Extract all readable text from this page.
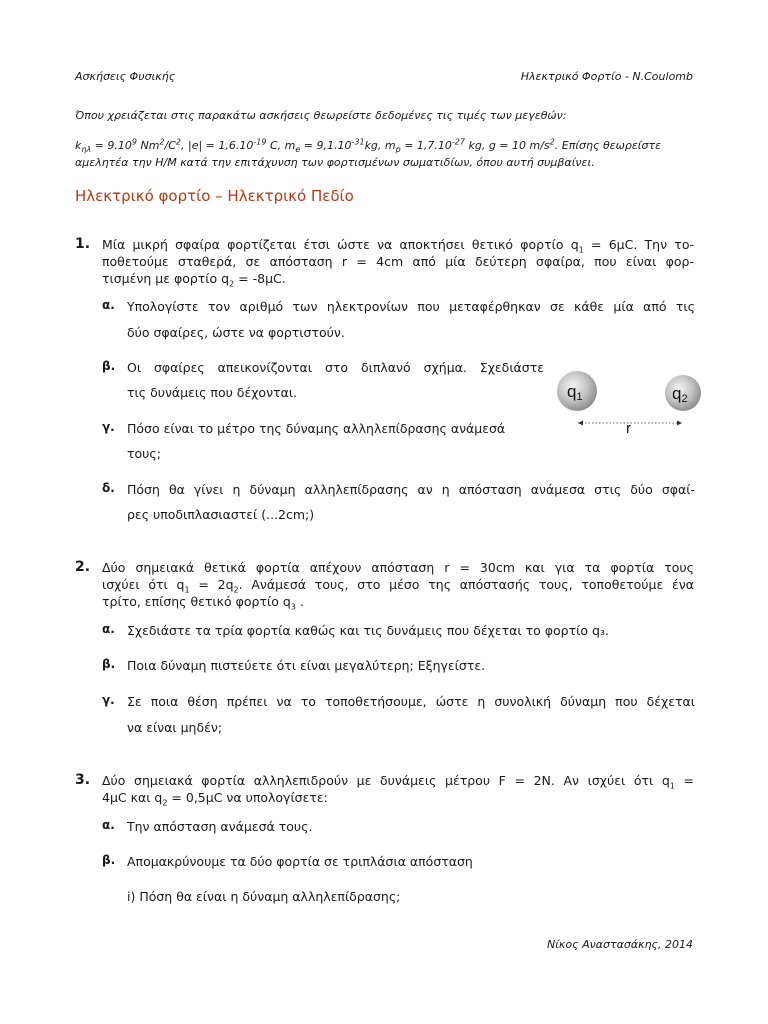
Ασκήσεις Φυσικής	Ηλεκτρικό Φορτίο - Ν.Coulomb
Όπου χρειάζεται στις παρακάτω ασκήσεις θεωρείστε δεδομένες τις τιμές των μεγεθών:
$k_{\eta\lambda} = 9.10^9$ $Nm^2/C^2$, $|e| = 1,6.10^{-19}$ C, $m_e = 9,1.10^{-31}kg$, $m_p = 1,7.10^{-27}$ kg, g = 10 $m/s^2$. Επίσης θεωρείστε
αμελητέα την Η/Μ κατά την επιτάχυνση των φορτισμένων σωματιδίων, όπου αυτή συμβαίνει.
Ηλεκτρικό φορτίο – Ηλεκτρικό Πεδίο
1. Μία μικρή σφαίρα φορτίζεται έτσι ώστε να αποκτήσει θετικό φορτίο $q_1 = 6\mu C$. Την το-
ποθετούμε σταθερά, σε απόσταση r = 4cm από μία δεύτερη σφαίρα, που είναι φορ-
τισμένη με φορτίο $q_2 = -8\mu C$.
α. Υπολογίστε τον αριθμό των ηλεκτρονίων που μεταφέρθηκαν σε κάθε μία από τις
δύο σφαίρες, ώστε να φορτιστούν.
β. Οι σφαίρες απεικονίζονται στο διπλανό σχήμα. Σχεδιάστε
τις δυνάμεις που δέχονται.
γ. Πόσο είναι το μέτρο της δύναμης αλληλεπίδρασης ανάμεσά
τους;
δ. Πόση θα γίνει η δύναμη αλληλεπίδρασης αν η απόσταση ανάμεσα στις δύο σφαί-
ρες υποδιπλασιαστεί (...2cm;)
q1	q2
r
2. Δύο σημειακά θετικά φορτία απέχουν απόσταση r = 30cm και για τα φορτία τους
ισχύει ότι $q_1 = 2q_2$. Ανάμεσά τους, στο μέσο της απόστασής τους, τοποθετούμε ένα
τρίτο, επίσης θετικό φορτίο $q_3$ .
α. Σχεδιάστε τα τρία φορτία καθώς και τις δυνάμεις που δέχεται το φορτίο q₃.
β. Ποια δύναμη πιστεύετε ότι είναι μεγαλύτερη; Εξηγείστε.
γ. Σε ποια θέση πρέπει να το τοποθετήσουμε, ώστε η συνολική δύναμη που δέχεται
να είναι μηδέν;
3. Δύο σημειακά φορτία αλληλεπιδρούν με δυνάμεις μέτρου F = 2N. Αν ισχύει ότι $q_1$ =
4μC και $q_2 = 0,5\mu C$ να υπολογίσετε:
α. Την απόσταση ανάμεσά τους.
β. Απομακρύνουμε τα δύο φορτία σε τριπλάσια απόσταση
i) Πόση θα είναι η δύναμη αλληλεπίδρασης;
Νίκος Αναστασάκης, 2014
